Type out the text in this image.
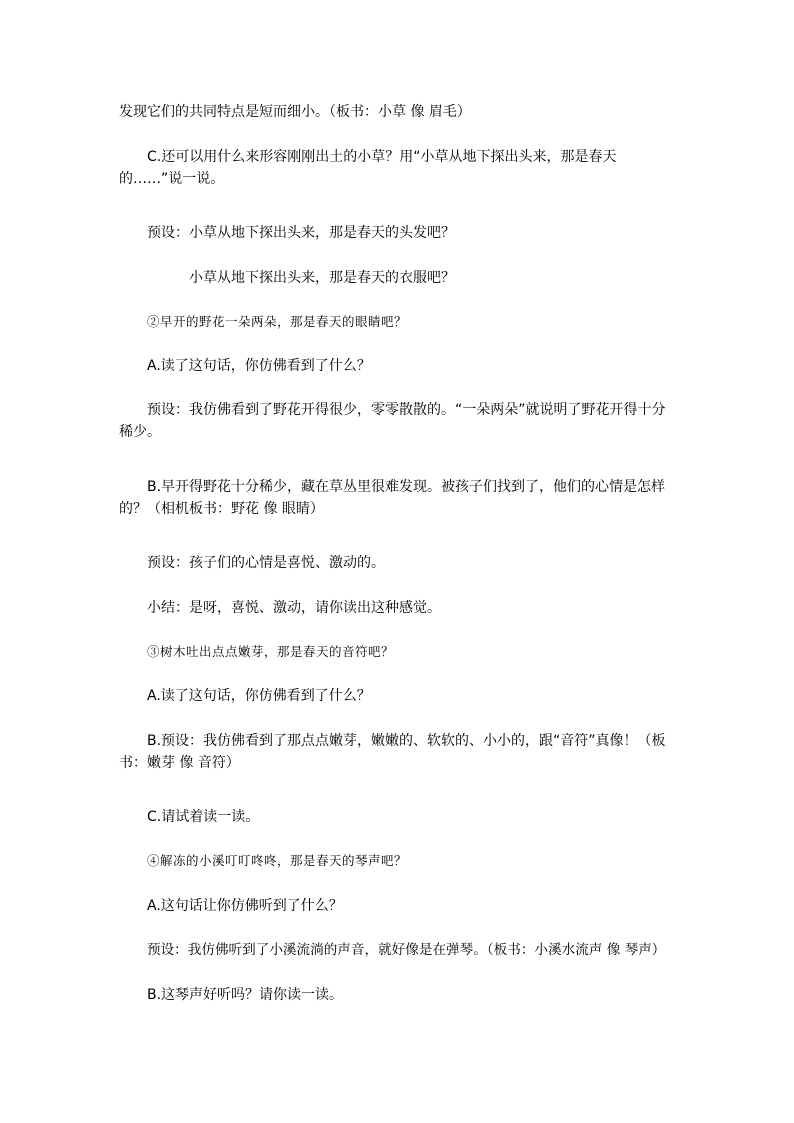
发现它们的共同特点是短而细小。（板书：小草 像 眉毛）
C.还可以用什么来形容刚刚出土的小草？用“小草从地下探出头来，那是春天的……”说一说。
预设：小草从地下探出头来，那是春天的头发吧？
小草从地下探出头来，那是春天的衣服吧？
②早开的野花一朵两朵，那是春天的眼睛吧？
A.读了这句话，你仿佛看到了什么？
预设：我仿佛看到了野花开得很少，零零散散的。“一朵两朵”就说明了野花开得十分稀少。
B.早开得野花十分稀少，藏在草丛里很难发现。被孩子们找到了，他们的心情是怎样的？（相机板书：野花 像 眼睛）
预设：孩子们的心情是喜悦、激动的。
小结：是呀，喜悦、激动，请你读出这种感觉。
③树木吐出点点嫩芽，那是春天的音符吧？
A.读了这句话，你仿佛看到了什么？
B.预设：我仿佛看到了那点点嫩芽，嫩嫩的、软软的、小小的，跟“音符”真像！（板书：嫩芽 像 音符）
C.请试着读一读。
④解冻的小溪叮叮咚咚，那是春天的琴声吧？
A.这句话让你仿佛听到了什么？
预设：我仿佛听到了小溪流淌的声音，就好像是在弹琴。（板书：小溪水流声 像 琴声）
B.这琴声好听吗？请你读一读。
